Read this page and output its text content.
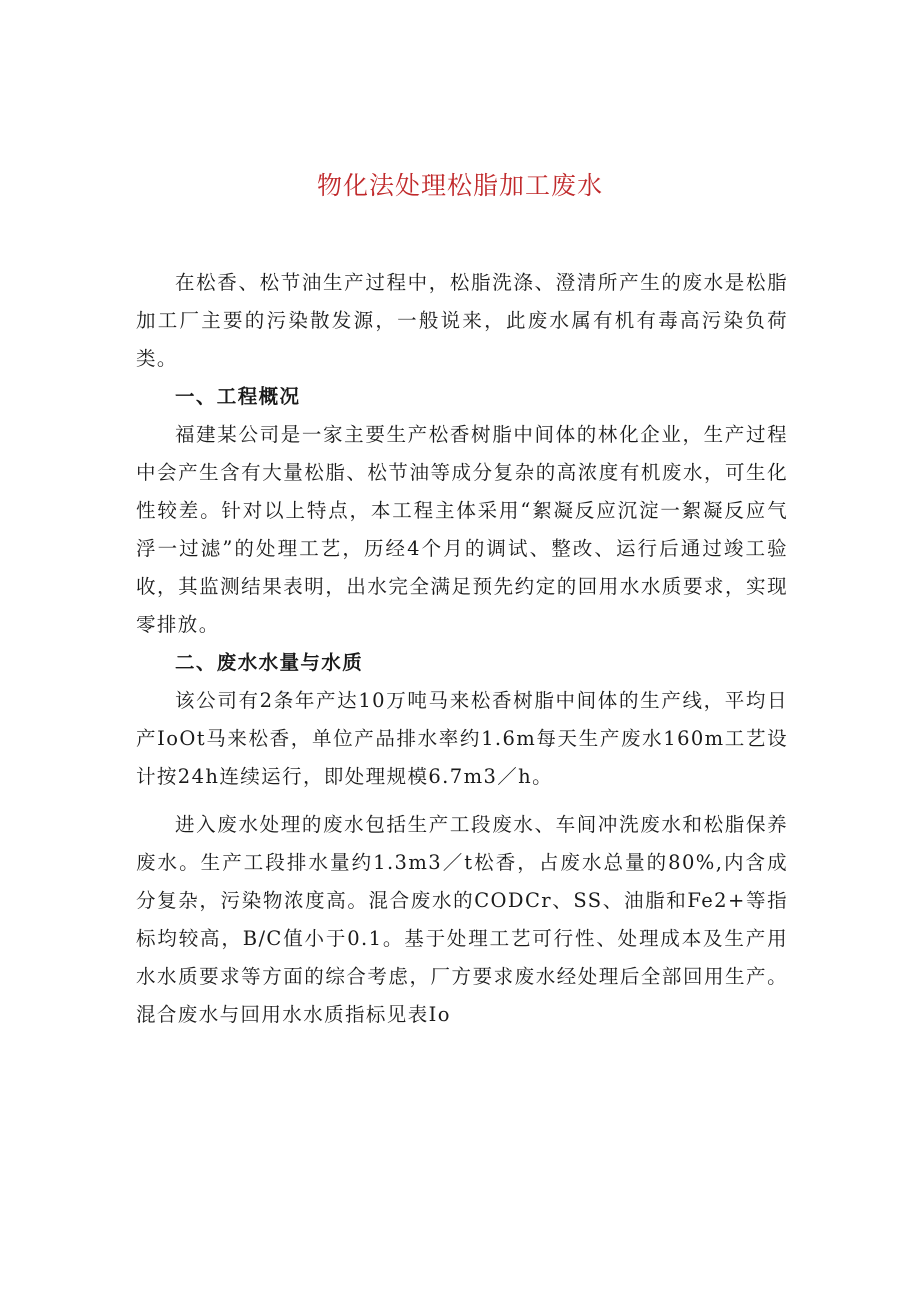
物化法处理松脂加工废水

在松香、松节油生产过程中，松脂洗涤、澄清所产生的废水是松脂加工厂主要的污染散发源，一般说来，此废水属有机有毒高污染负荷类。

一、工程概况

福建某公司是一家主要生产松香树脂中间体的林化企业，生产过程中会产生含有大量松脂、松节油等成分复杂的高浓度有机废水，可生化性较差。针对以上特点，本工程主体采用“絮凝反应沉淀一絮凝反应气浮一过滤”的处理工艺，历经4个月的调试、整改、运行后通过竣工验收，其监测结果表明，出水完全满足预先约定的回用水水质要求，实现零排放。

二、废水水量与水质

该公司有2条年产达10万吨马来松香树脂中间体的生产线，平均日产IoOt马来松香，单位产品排水率约1.6m每天生产废水160m工艺设计按24h连续运行，即处理规模6.7m3／h。

进入废水处理的废水包括生产工段废水、车间冲洗废水和松脂保养废水。生产工段排水量约1.3m3／t松香，占废水总量的80%,内含成分复杂，污染物浓度高。混合废水的CODCr、SS、油脂和Fe2+等指标均较高，B/C值小于0.1。基于处理工艺可行性、处理成本及生产用水水质要求等方面的综合考虑，厂方要求废水经处理后全部回用生产。混合废水与回用水水质指标见表Io
